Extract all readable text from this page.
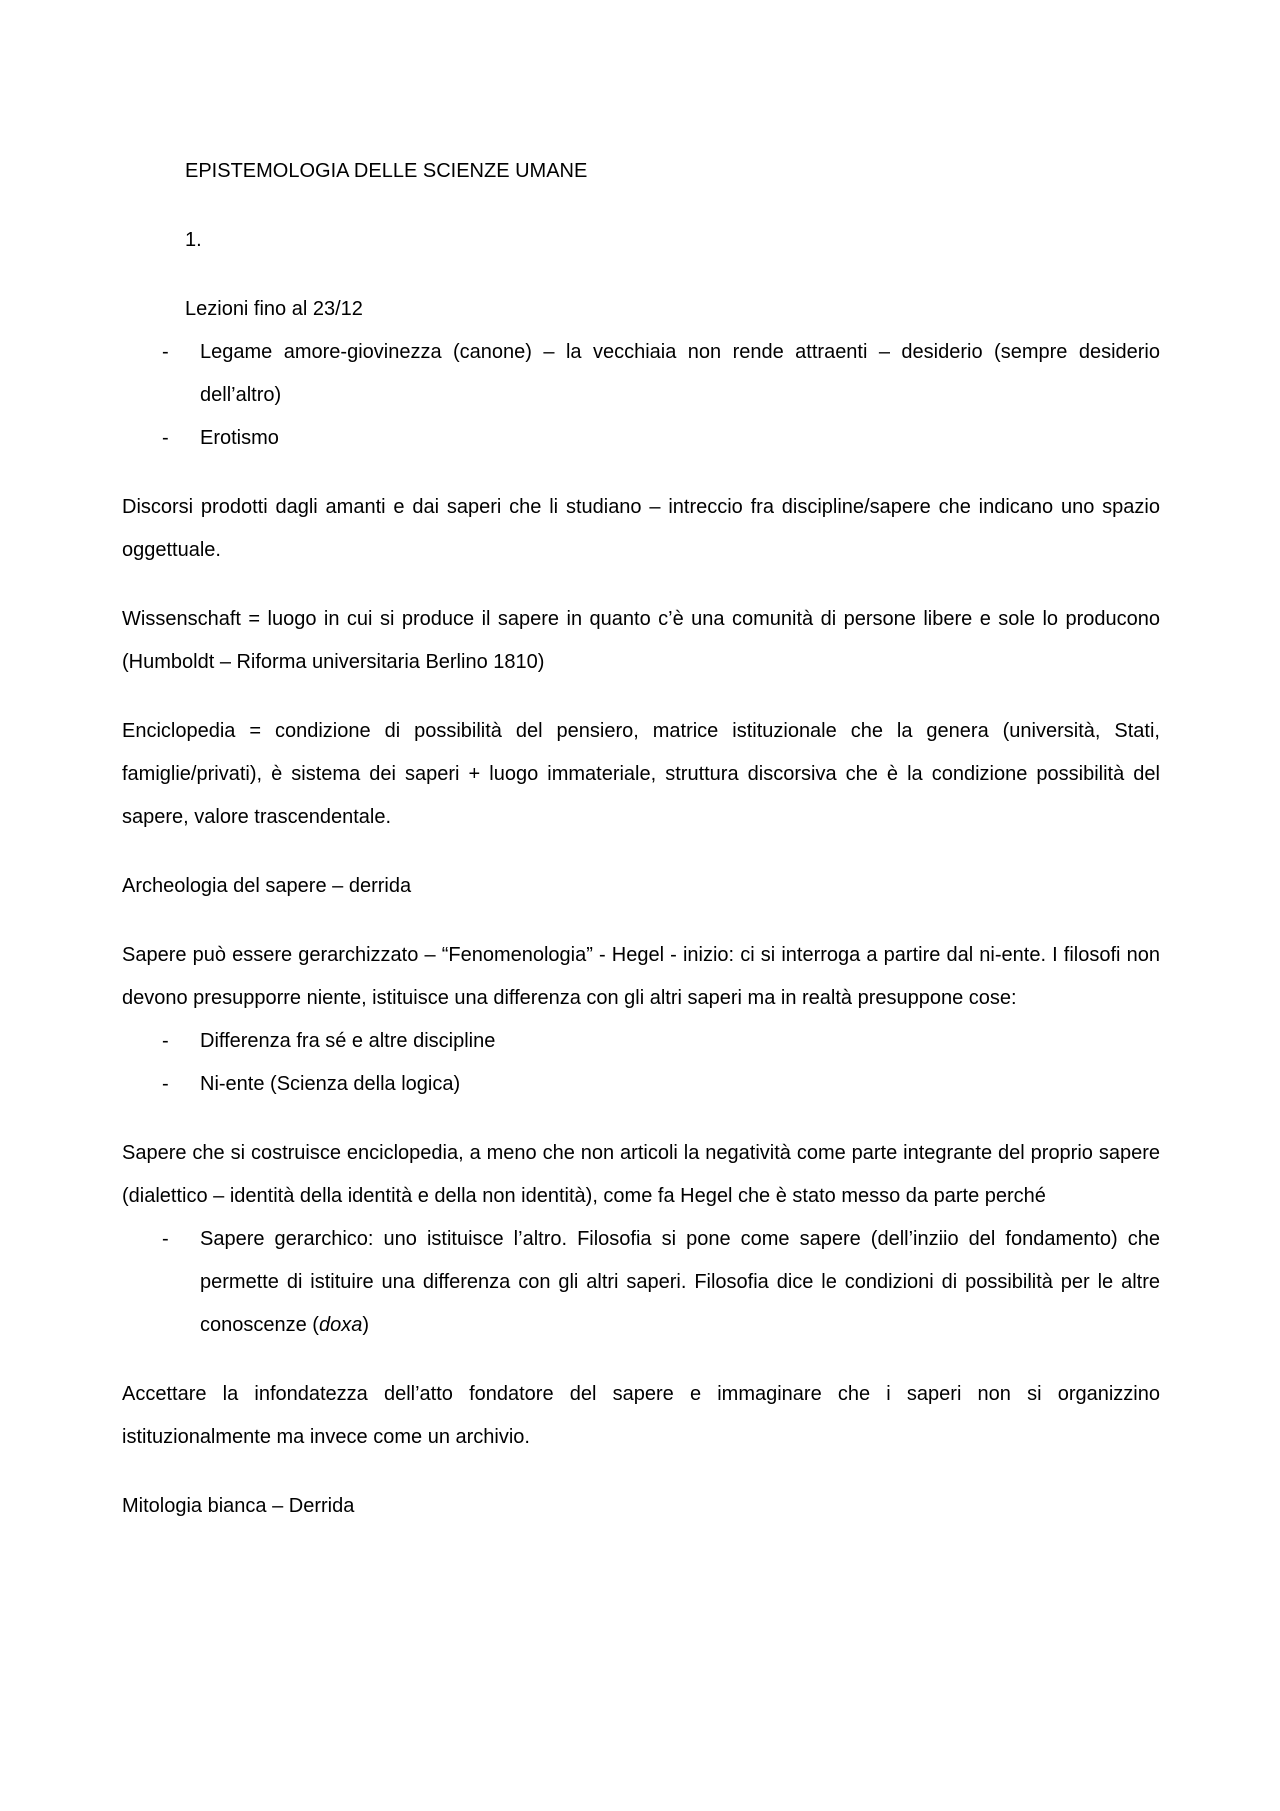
EPISTEMOLOGIA DELLE SCIENZE UMANE

1.

Lezioni fino al 23/12

- Legame amore-giovinezza (canone) – la vecchiaia non rende attraenti – desiderio (sempre desiderio dell’altro)
- Erotismo

Discorsi prodotti dagli amanti e dai saperi che li studiano – intreccio fra discipline/sapere che indicano uno spazio oggettuale.

Wissenschaft = luogo in cui si produce il sapere in quanto c’è una comunità di persone libere e sole lo producono (Humboldt – Riforma universitaria Berlino 1810)

Enciclopedia = condizione di possibilità del pensiero, matrice istituzionale che la genera (università, Stati, famiglie/privati), è sistema dei saperi + luogo immateriale, struttura discorsiva che è la condizione possibilità del sapere, valore trascendentale.

Archeologia del sapere – derrida

Sapere può essere gerarchizzato – “Fenomenologia” - Hegel - inizio: ci si interroga a partire dal ni-ente. I filosofi non devono presupporre niente, istituisce una differenza con gli altri saperi ma in realtà presuppone cose:

- Differenza fra sé e altre discipline
- Ni-ente (Scienza della logica)

Sapere che si costruisce enciclopedia, a meno che non articoli la negatività come parte integrante del proprio sapere (dialettico – identità della identità e della non identità), come fa Hegel che è stato messo da parte perché

- Sapere gerarchico: uno istituisce l’altro. Filosofia si pone come sapere (dell’inziio del fondamento) che permette di istituire una differenza con gli altri saperi. Filosofia dice le condizioni di possibilità per le altre conoscenze (doxa)

Accettare la infondatezza dell’atto fondatore del sapere e immaginare che i saperi non si organizzino istituzionalmente ma invece come un archivio.

Mitologia bianca – Derrida
